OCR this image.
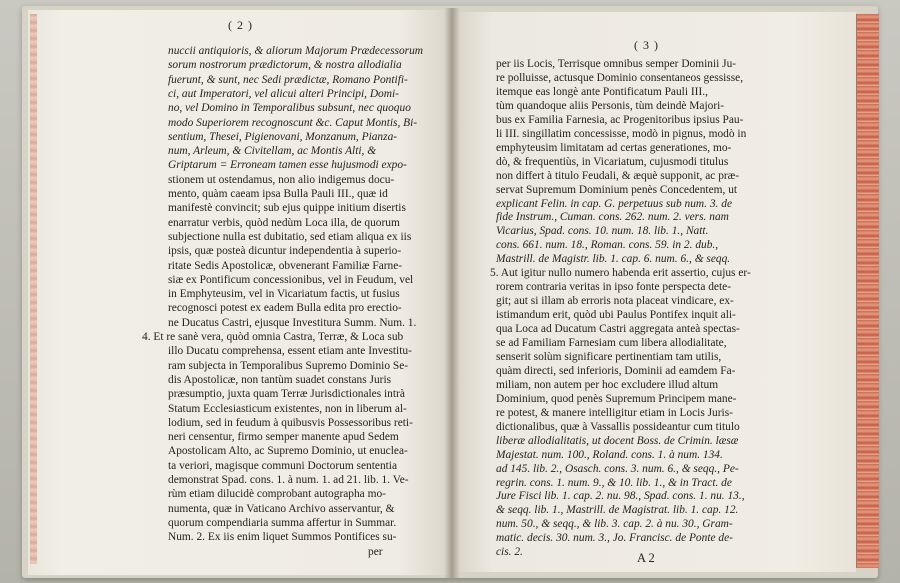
( 2 )
nuccii antiquioris, & aliorum Majorum Prædecessorum
sorum nostrorum prædictorum, & nostra allodialia
fuerunt, & sunt, nec Sedi prædictæ, Romano Pontifi-
ci, aut Imperatori, vel alicui alteri Principi, Domi-
no, vel Domino in Temporalibus subsunt, nec quoquo
modo Superiorem recognoscunt &c. Caput Montis, Bi-
sentium, Thesei, Pigienovani, Monzanum, Pianza-
num, Arleum, & Civitellam, ac Montis Alti, &
Griptarum = Erroneam tamen esse hujusmodi expo-
stionem ut ostendamus, non alio indigemus docu-
mento, quàm caeam ipsa Bulla Pauli III., quæ id
manifestè convincit; sub ejus quippe initium disertis
enarratur verbis, quòd nedùm Loca illa, de quorum
subjectione nulla est dubitatio, sed etiam aliqua ex iis
ipsis, quæ posteà dicuntur independentia à superio-
ritate Sedis Apostolicæ, obvenerant Familiæ Farne-
siæ ex Pontificum concessionibus, vel in Feudum, vel
in Emphyteusim, vel in Vicariatum factis, ut fusius
recognosci potest ex eadem Bulla edita pro erectio-
ne Ducatus Castri, ejusque Investitura Summ. Num. 1.
4. Et re sanè vera, quòd omnia Castra, Terræ, & Loca sub
illo Ducatu comprehensa, essent etiam ante Investitu-
ram subjecta in Temporalibus Supremo Dominio Se-
dis Apostolicæ, non tantùm suadet constans Juris
præsumptio, juxta quam Terræ Jurisdictionales intrà
Statum Ecclesiasticum existentes, non in liberum al-
lodium, sed in feudum à quibusvis Possessoribus reti-
neri censentur, firmo semper manente apud Sedem
Apostolicam Alto, ac Supremo Dominio, ut enuclea-
ta veriori, magisque communi Doctorum sententia
demonstrat Spad. cons. 1. à num. 1. ad 21. lib. 1. Ve-
rùm etiam dilucidè comprobant autographa mo-
numenta, quæ in Vaticano Archivo asservantur, &
quorum compendiaria summa affertur in Summar.
Num. 2. Ex iis enim liquet Summos Pontifices su-
per
( 3 )
per iis Locis, Terrisque omnibus semper Dominii Ju-
re polluisse, actusque Dominio consentaneos gessisse,
itemque eas longè ante Pontificatum Pauli III.,
tùm quandoque aliis Personis, tùm deindè Majori-
bus ex Familia Farnesia, ac Progenitoribus ipsius Pau-
li III. singillatim concessisse, modò in pignus, modò in
emphyteusim limitatam ad certas generationes, mo-
dò, & frequentiùs, in Vicariatum, cujusmodi titulus
non differt à titulo Feudali, & æquè supponit, ac præ-
servat Supremum Dominium penès Concedentem, ut
explicant Felin. in cap. G. perpetuus sub num. 3. de
fide Instrum., Cuman. cons. 262. num. 2. vers. nam
Vicarius, Spad. cons. 10. num. 18. lib. 1., Natt.
cons. 661. num. 18., Roman. cons. 59. in 2. dub.,
Mastrill. de Magistr. lib. 1. cap. 6. num. 6., & seqq.
5. Aut igitur nullo numero habenda erit assertio, cujus er-
rorem contraria veritas in ipso fonte perspecta dete-
git; aut si illam ab erroris nota placeat vindicare, ex-
istimandum erit, quòd ubi Paulus Pontifex inquit ali-
qua Loca ad Ducatum Castri aggregata anteà spectas-
se ad Familiam Farnesiam cum libera allodialitate,
senserit solùm significare pertinentiam tam utilis,
quàm directi, sed inferioris, Dominii ad eamdem Fa-
miliam, non autem per hoc excludere illud altum
Dominium, quod penès Supremum Principem mane-
re potest, & manere intelligitur etiam in Locis Juris-
dictionalibus, quæ à Vassallis possideantur cum titulo
liberæ allodialitatis, ut docent Boss. de Crimin. læsæ
Majestat. num. 100., Roland. cons. 1. à num. 134.
ad 145. lib. 2., Osasch. cons. 3. num. 6., & seqq., Pe-
regrin. cons. 1. num. 9., & 10. lib. 1., & in Tract. de
Jure Fisci lib. 1. cap. 2. nu. 98., Spad. cons. 1. nu. 13.,
& seqq. lib. 1., Mastrill. de Magistrat. lib. 1. cap. 12.
num. 50., & seqq., & lib. 3. cap. 2. à nu. 30., Gram-
matic. decis. 30. num. 3., Jo. Francisc. de Ponte de-
cis. 2.	A 2
